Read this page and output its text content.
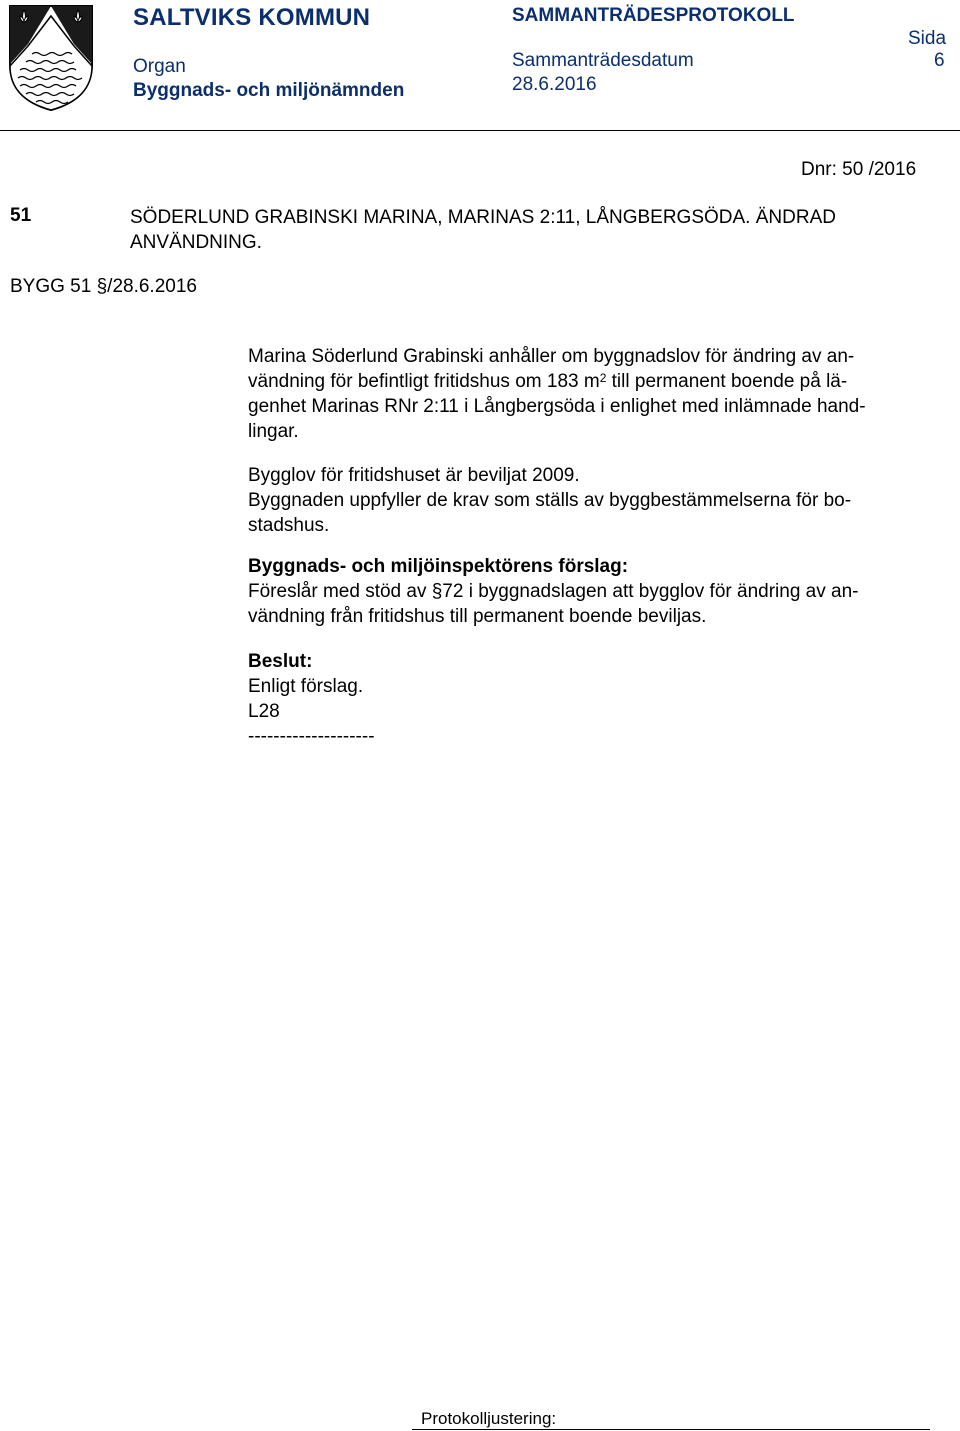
SALTVIKS KOMMUN	SAMMANTRÄDESPROTOKOLL
Organ
Byggnads- och miljönämnden
Sammanträdesdatum
28.6.2016
Sida
6
Dnr: 50 /2016
51	SÖDERLUND GRABINSKI MARINA, MARINAS 2:11, LÅNGBERGSÖDA. ÄNDRAD ANVÄNDNING.
BYGG 51 §/28.6.2016
Marina Söderlund Grabinski anhåller om byggnadslov för ändring av an-
vändning för befintligt fritidshus om 183 $m^2$ till permanent boende på lä-
genhet Marinas RNr 2:11 i Långbergsöda i enlighet med inlämnade hand-
lingar.
Bygglov för fritidshuset är beviljat 2009.
Byggnaden uppfyller de krav som ställs av byggbestämmelserna för bo-
stadshus.
Byggnads- och miljöinspektörens förslag:
Föreslår med stöd av §72 i byggnadslagen att bygglov för ändring av an-
vändning från fritidshus till permanent boende beviljas.
Beslut:
Enligt förslag.
L28
--------------------
Protokolljustering:
